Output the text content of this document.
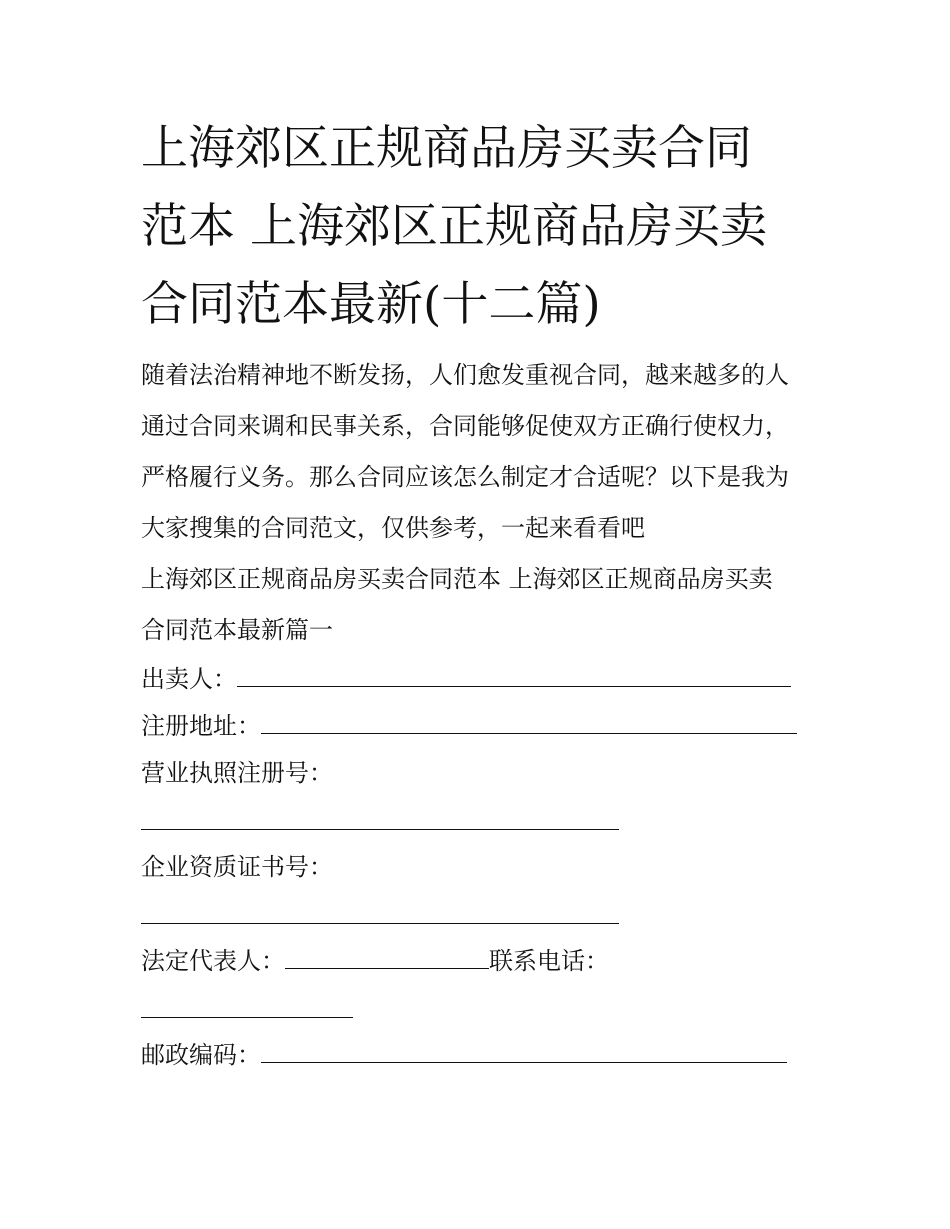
上海郊区正规商品房买卖合同
范本 上海郊区正规商品房买卖
合同范本最新(十二篇)

随着法治精神地不断发扬，人们愈发重视合同，越来越多的人
通过合同来调和民事关系，合同能够促使双方正确行使权力，
严格履行义务。那么合同应该怎么制定才合适呢？以下是我为
大家搜集的合同范文，仅供参考，一起来看看吧

上海郊区正规商品房买卖合同范本 上海郊区正规商品房买卖
合同范本最新篇一

出卖人：
注册地址：
营业执照注册号：
企业资质证书号：
法定代表人：	联系电话：
邮政编码：
